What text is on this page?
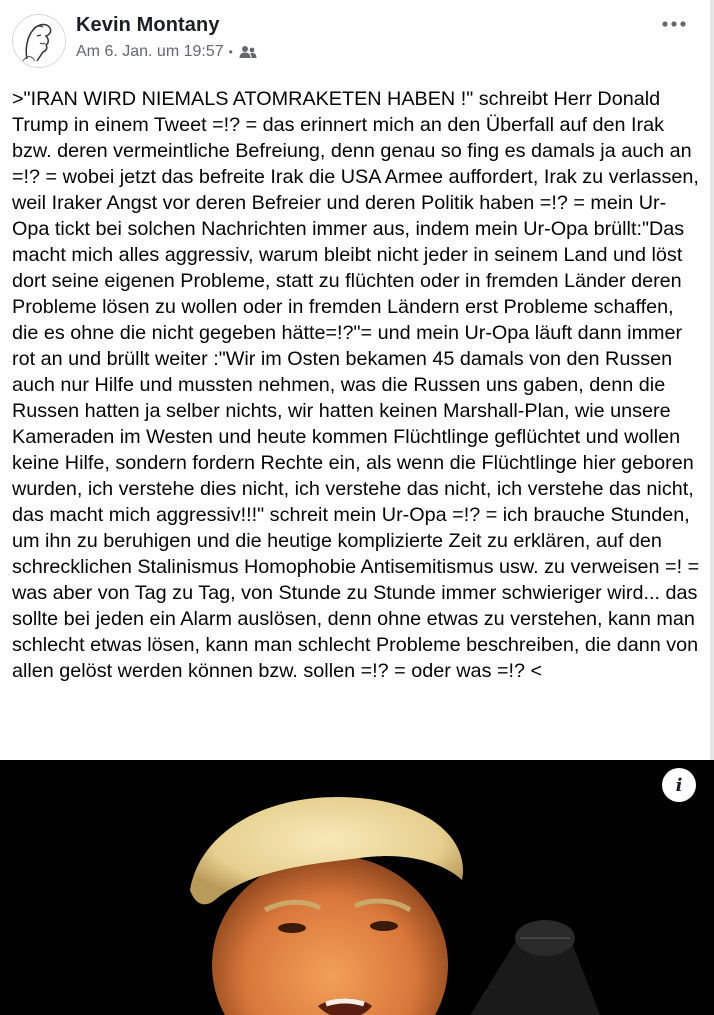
Kevin Montany
Am 6. Jan. um 19:57 •
>"IRAN WIRD NIEMALS ATOMRAKETEN HABEN !" schreibt Herr Donald Trump in einem Tweet =!? = das erinnert mich an den Überfall auf den Irak bzw. deren vermeintliche Befreiung, denn genau so fing es damals ja auch an =!? = wobei jetzt das befreite Irak die USA Armee auffordert, Irak zu verlassen, weil Iraker Angst vor deren Befreier und deren Politik haben =!? = mein Ur-Opa tickt bei solchen Nachrichten immer aus, indem mein Ur-Opa brüllt:"Das macht mich alles aggressiv, warum bleibt nicht jeder in seinem Land und löst dort seine eigenen Probleme, statt zu flüchten oder in fremden Länder deren Probleme lösen zu wollen oder in fremden Ländern erst Probleme schaffen, die es ohne die nicht gegeben hätte=!?"= und mein Ur-Opa läuft dann immer rot an und brüllt weiter :"Wir im Osten bekamen 45 damals von den Russen auch nur Hilfe und mussten nehmen, was die Russen uns gaben, denn die Russen hatten ja selber nichts, wir hatten keinen Marshall-Plan, wie unsere Kameraden im Westen und heute kommen Flüchtlinge geflüchtet und wollen keine Hilfe, sondern fordern Rechte ein, als wenn die Flüchtlinge hier geboren wurden, ich verstehe dies nicht, ich verstehe das nicht, ich verstehe das nicht, das macht mich aggressiv!!!" schreit mein Ur-Opa =!? = ich brauche Stunden, um ihn zu beruhigen und die heutige komplizierte Zeit zu erklären, auf den schrecklichen Stalinismus Homophobie Antisemitismus usw. zu verweisen =! = was aber von Tag zu Tag, von Stunde zu Stunde immer schwieriger wird... das sollte bei jeden ein Alarm auslösen, denn ohne etwas zu verstehen, kann man schlecht etwas lösen, kann man schlecht Probleme beschreiben, die dann von allen gelöst werden können bzw. sollen =!? = oder was =!? <
i
